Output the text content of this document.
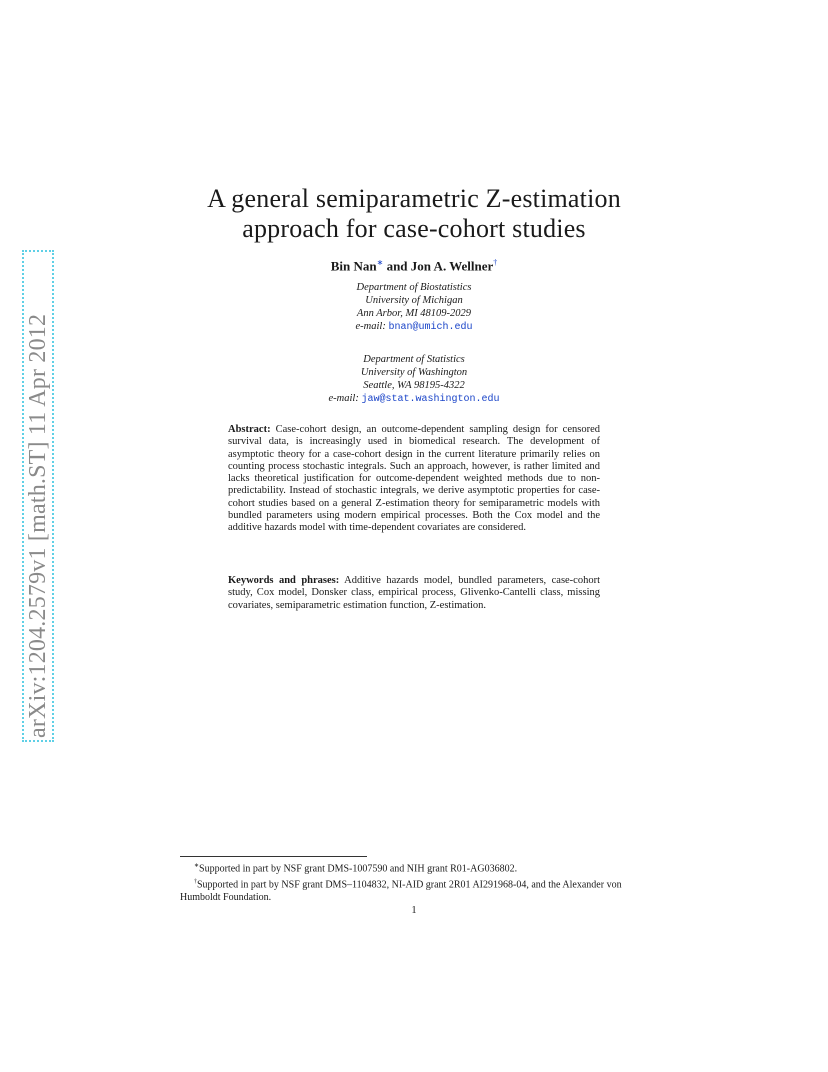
arXiv:1204.2579v1 [math.ST] 11 Apr 2012
A general semiparametric Z-estimation
approach for case-cohort studies
Bin Nan∗ and Jon A. Wellner†
Department of Biostatistics
University of Michigan
Ann Arbor, MI 48109-2029
e-mail: bnan@umich.edu
Department of Statistics
University of Washington
Seattle, WA 98195-4322
e-mail: jaw@stat.washington.edu

Abstract: Case-cohort design, an outcome-dependent sampling design for censored survival data, is increasingly used in biomedical research. The development of asymptotic theory for a case-cohort design in the current literature primarily relies on counting process stochastic integrals. Such an approach, however, is rather limited and lacks theoretical justification for outcome-dependent weighted methods due to non-predictability. Instead of stochastic integrals, we derive asymptotic properties for case-cohort studies based on a general Z-estimation theory for semiparametric models with bundled parameters using modern empirical processes. Both the Cox model and the additive hazards model with time-dependent covariates are considered.

Keywords and phrases: Additive hazards model, bundled parameters, case-cohort study, Cox model, Donsker class, empirical process, Glivenko-Cantelli class, missing covariates, semiparametric estimation function, Z-estimation.

∗Supported in part by NSF grant DMS-1007590 and NIH grant R01-AG036802.

†Supported in part by NSF grant DMS–1104832, NI-AID grant 2R01 AI291968-04, and the Alexander von Humboldt Foundation.

1
